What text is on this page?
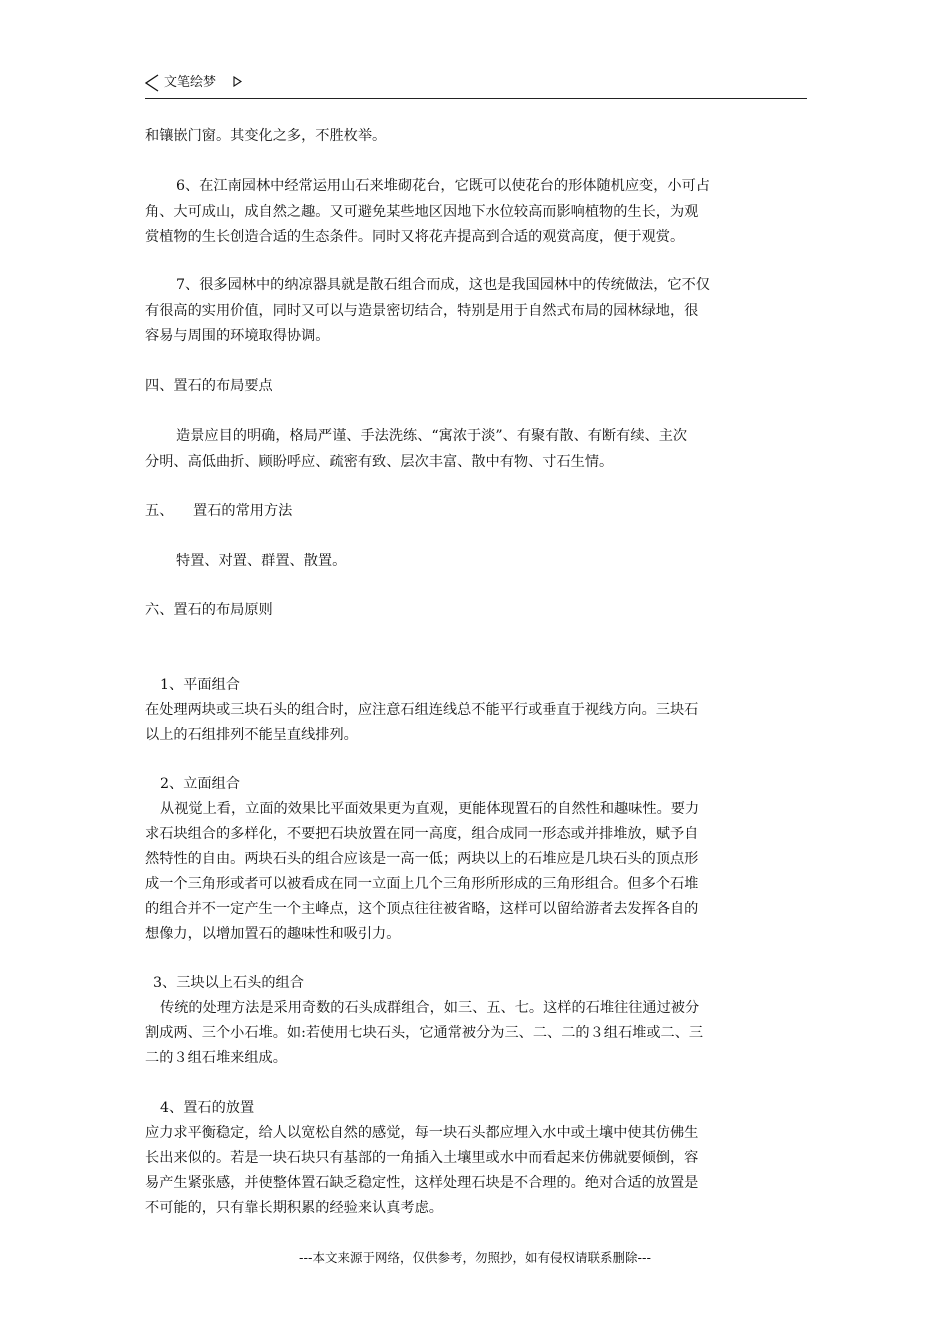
文笔绘梦
和镶嵌门窗。其变化之多，不胜枚举。
6、在江南园林中经常运用山石来堆砌花台，它既可以使花台的形体随机应变，小可占
角、大可成山，成自然之趣。又可避免某些地区因地下水位较高而影响植物的生长，为观
赏植物的生长创造合适的生态条件。同时又将花卉提高到合适的观赏高度，便于观赏。
7、很多园林中的纳凉器具就是散石组合而成，这也是我国园林中的传统做法，它不仅
有很高的实用价值，同时又可以与造景密切结合，特别是用于自然式布局的园林绿地，很
容易与周围的环境取得协调。
四、置石的布局要点
造景应目的明确，格局严谨、手法洗练、“寓浓于淡”、有聚有散、有断有续、主次
分明、高低曲折、顾盼呼应、疏密有致、层次丰富、散中有物、寸石生情。
五、	置石的常用方法
特置、对置、群置、散置。
六、置石的布局原则
1、平面组合
在处理两块或三块石头的组合时，应注意石组连线总不能平行或垂直于视线方向。三块石
以上的石组排列不能呈直线排列。
2、立面组合
从视觉上看，立面的效果比平面效果更为直观，更能体现置石的自然性和趣味性。要力
求石块组合的多样化，不要把石块放置在同一高度，组合成同一形态或并排堆放，赋予自
然特性的自由。两块石头的组合应该是一高一低；两块以上的石堆应是几块石头的顶点形
成一个三角形或者可以被看成在同一立面上几个三角形所形成的三角形组合。但多个石堆
的组合并不一定产生一个主峰点，这个顶点往往被省略，这样可以留给游者去发挥各自的
想像力，以增加置石的趣味性和吸引力。
3、三块以上石头的组合
传统的处理方法是采用奇数的石头成群组合，如三、五、七。这样的石堆往往通过被分
割成两、三个小石堆。如:若使用七块石头，它通常被分为三、二、二的３组石堆或二、三
二的３组石堆来组成。
4、置石的放置
应力求平衡稳定，给人以宽松自然的感觉，每一块石头都应埋入水中或土壤中使其仿佛生
长出来似的。若是一块石块只有基部的一角插入土壤里或水中而看起来仿佛就要倾倒，容
易产生紧张感，并使整体置石缺乏稳定性，这样处理石块是不合理的。绝对合适的放置是
不可能的，只有靠长期积累的经验来认真考虑。
---本文来源于网络，仅供参考，勿照抄，如有侵权请联系删除---
